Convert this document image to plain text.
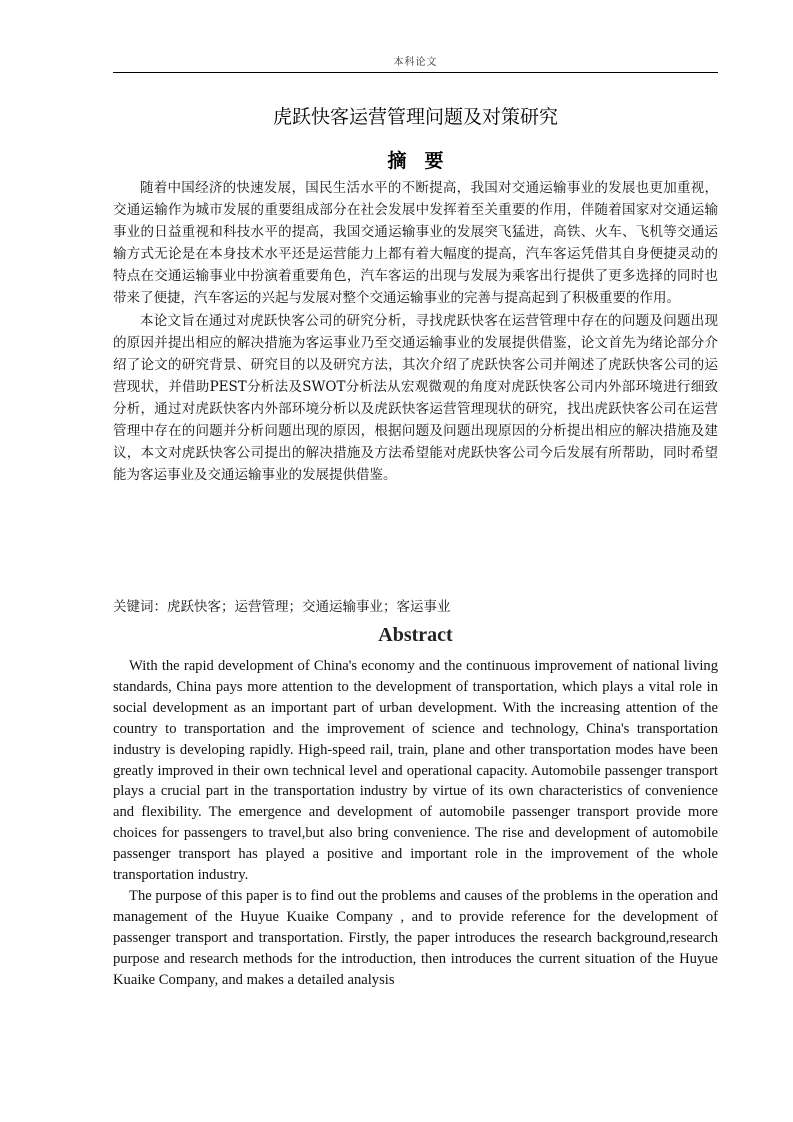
本科论文
虎跃快客运营管理问题及对策研究
摘要

随着中国经济的快速发展，国民生活水平的不断提高，我国对交通运输事业的发展也更加重视，交通运输作为城市发展的重要组成部分在社会发展中发挥着至关重要的作用，伴随着国家对交通运输事业的日益重视和科技水平的提高，我国交通运输事业的发展突飞猛进，高铁、火车、飞机等交通运输方式无论是在本身技术水平还是运营能力上都有着大幅度的提高，汽车客运凭借其自身便捷灵动的特点在交通运输事业中扮演着重要角色，汽车客运的出现与发展为乘客出行提供了更多选择的同时也带来了便捷，汽车客运的兴起与发展对整个交通运输事业的完善与提高起到了积极重要的作用。

本论文旨在通过对虎跃快客公司的研究分析，寻找虎跃快客在运营管理中存在的问题及问题出现的原因并提出相应的解决措施为客运事业乃至交通运输事业的发展提供借鉴，论文首先为绪论部分介绍了论文的研究背景、研究目的以及研究方法，其次介绍了虎跃快客公司并阐述了虎跃快客公司的运营现状，并借助PEST分析法及SWOT分析法从宏观微观的角度对虎跃快客公司内外部环境进行细致分析，通过对虎跃快客内外部环境分析以及虎跃快客运营管理现状的研究，找出虎跃快客公司在运营管理中存在的问题并分析问题出现的原因，根据问题及问题出现原因的分析提出相应的解决措施及建议，本文对虎跃快客公司提出的解决措施及方法希望能对虎跃快客公司今后发展有所帮助，同时希望能为客运事业及交通运输事业的发展提供借鉴。

关键词：虎跃快客；运营管理；交通运输事业；客运事业
Abstract

With the rapid development of China's economy and the continuous improvement of national living standards, China pays more attention to the development of transportation, which plays a vital role in social development as an important part of urban development. With the increasing attention of the country to transportation and the improvement of science and technology, China's transportation industry is developing rapidly. High-speed rail, train, plane and other transportation modes have been greatly improved in their own technical level and operational capacity. Automobile passenger transport plays a crucial part in the transportation industry by virtue of its own characteristics of convenience and flexibility. The emergence and development of automobile passenger transport provide more choices for passengers to travel,but also bring convenience. The rise and development of automobile passenger transport has played a positive and important role in the improvement of the whole transportation industry.

The purpose of this paper is to find out the problems and causes of the problems in the operation and management of the Huyue Kuaike Company , and to provide reference for the development of passenger transport and transportation. Firstly, the paper introduces the research background,research purpose and research methods for the introduction, then introduces the current situation of the Huyue Kuaike Company, and makes a detailed analysis
